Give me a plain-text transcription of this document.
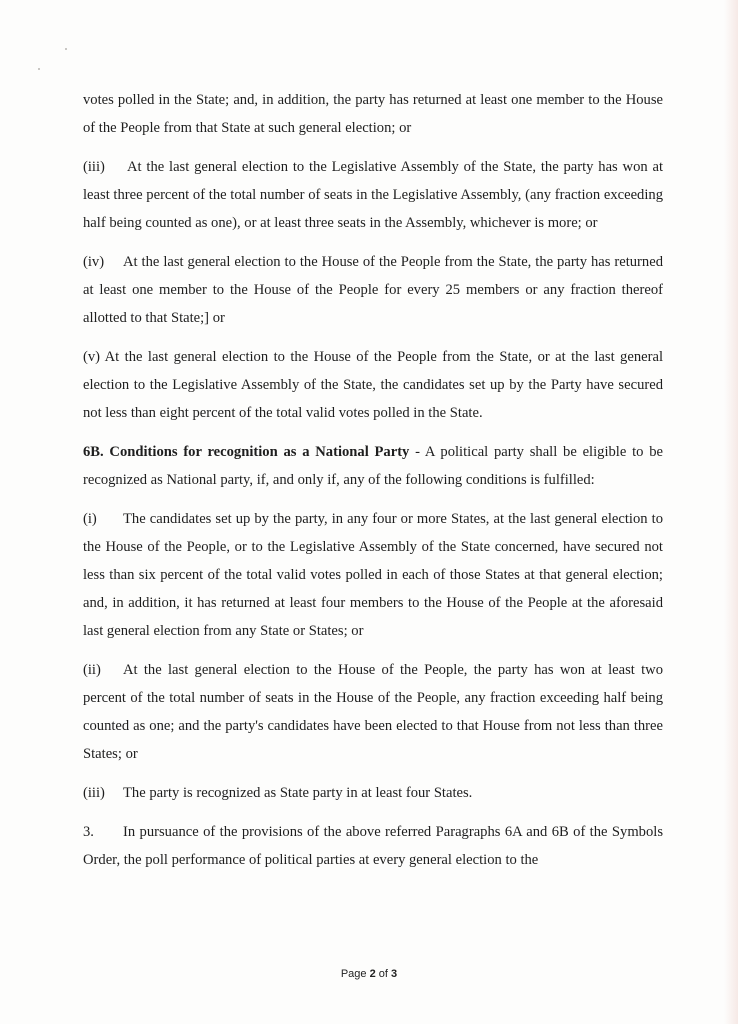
votes polled in the State; and, in addition, the party has returned at least one member to the House of the People from that State at such general election; or

(iii) At the last general election to the Legislative Assembly of the State, the party has won at least three percent of the total number of seats in the Legislative Assembly, (any fraction exceeding half being counted as one), or at least three seats in the Assembly, whichever is more; or

(iv) At the last general election to the House of the People from the State, the party has returned at least one member to the House of the People for every 25 members or any fraction thereof allotted to that State;] or

(v) At the last general election to the House of the People from the State, or at the last general election to the Legislative Assembly of the State, the candidates set up by the Party have secured not less than eight percent of the total valid votes polled in the State.

6B. Conditions for recognition as a National Party - A political party shall be eligible to be recognized as National party, if, and only if, any of the following conditions is fulfilled:

(i) The candidates set up by the party, in any four or more States, at the last general election to the House of the People, or to the Legislative Assembly of the State concerned, have secured not less than six percent of the total valid votes polled in each of those States at that general election; and, in addition, it has returned at least four members to the House of the People at the aforesaid last general election from any State or States; or

(ii) At the last general election to the House of the People, the party has won at least two percent of the total number of seats in the House of the People, any fraction exceeding half being counted as one; and the party's candidates have been elected to that House from not less than three States; or

(iii) The party is recognized as State party in at least four States.

3. In pursuance of the provisions of the above referred Paragraphs 6A and 6B of the Symbols Order, the poll performance of political parties at every general election to the

Page 2 of 3
